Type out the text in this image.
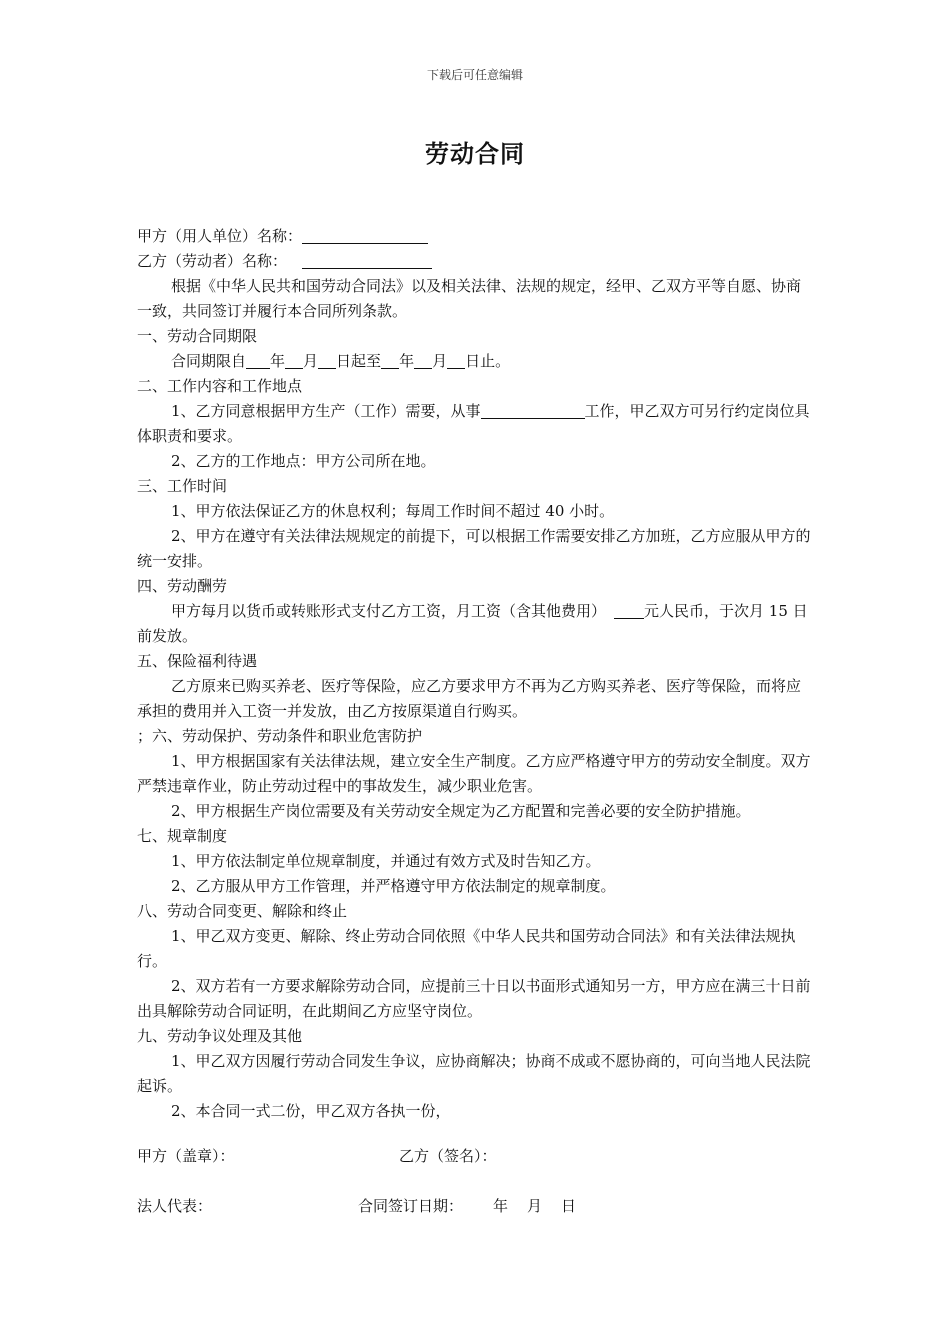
下载后可任意编辑
劳动合同

甲方（用人单位）名称：

乙方（劳动者）名称：

根据《中华人民共和国劳动合同法》以及相关法律、法规的规定，经甲、乙双方平等自愿、协商一致，共同签订并履行本合同所列条款。

一、劳动合同期限

合同期限自 年 月 日起至 年 月 日止。

二、工作内容和工作地点

1、乙方同意根据甲方生产（工作）需要，从事	工作，甲乙双方可另行约定岗位具体职责和要求。

2、乙方的工作地点：甲方公司所在地。

三、工作时间

1、甲方依法保证乙方的休息权利；每周工作时间不超过 40 小时。

2、甲方在遵守有关法律法规规定的前提下，可以根据工作需要安排乙方加班，乙方应服从甲方的统一安排。

四、劳动酬劳

甲方每月以货币或转账形式支付乙方工资，月工资（含其他费用）	元人民币，于次月 15 日前发放。

五、保险福利待遇

乙方原来已购买养老、医疗等保险，应乙方要求甲方不再为乙方购买养老、医疗等保险，而将应承担的费用并入工资一并发放，由乙方按原渠道自行购买。

；六、劳动保护、劳动条件和职业危害防护

1、甲方根据国家有关法律法规，建立安全生产制度。乙方应严格遵守甲方的劳动安全制度。双方严禁违章作业，防止劳动过程中的事故发生，减少职业危害。

2、甲方根据生产岗位需要及有关劳动安全规定为乙方配置和完善必要的安全防护措施。

七、规章制度

1、甲方依法制定单位规章制度，并通过有效方式及时告知乙方。

2、乙方服从甲方工作管理，并严格遵守甲方依法制定的规章制度。

八、劳动合同变更、解除和终止

1、甲乙双方变更、解除、终止劳动合同依照《中华人民共和国劳动合同法》和有关法律法规执行。

2、双方若有一方要求解除劳动合同，应提前三十日以书面形式通知另一方，甲方应在满三十日前出具解除劳动合同证明，在此期间乙方应坚守岗位。

九、劳动争议处理及其他

1、甲乙双方因履行劳动合同发生争议，应协商解决；协商不成或不愿协商的，可向当地人民法院起诉。

2、本合同一式二份，甲乙双方各执一份，

甲方（盖章）：	乙方（签名）：
法人代表：	合同签订日期： 年 月 日
